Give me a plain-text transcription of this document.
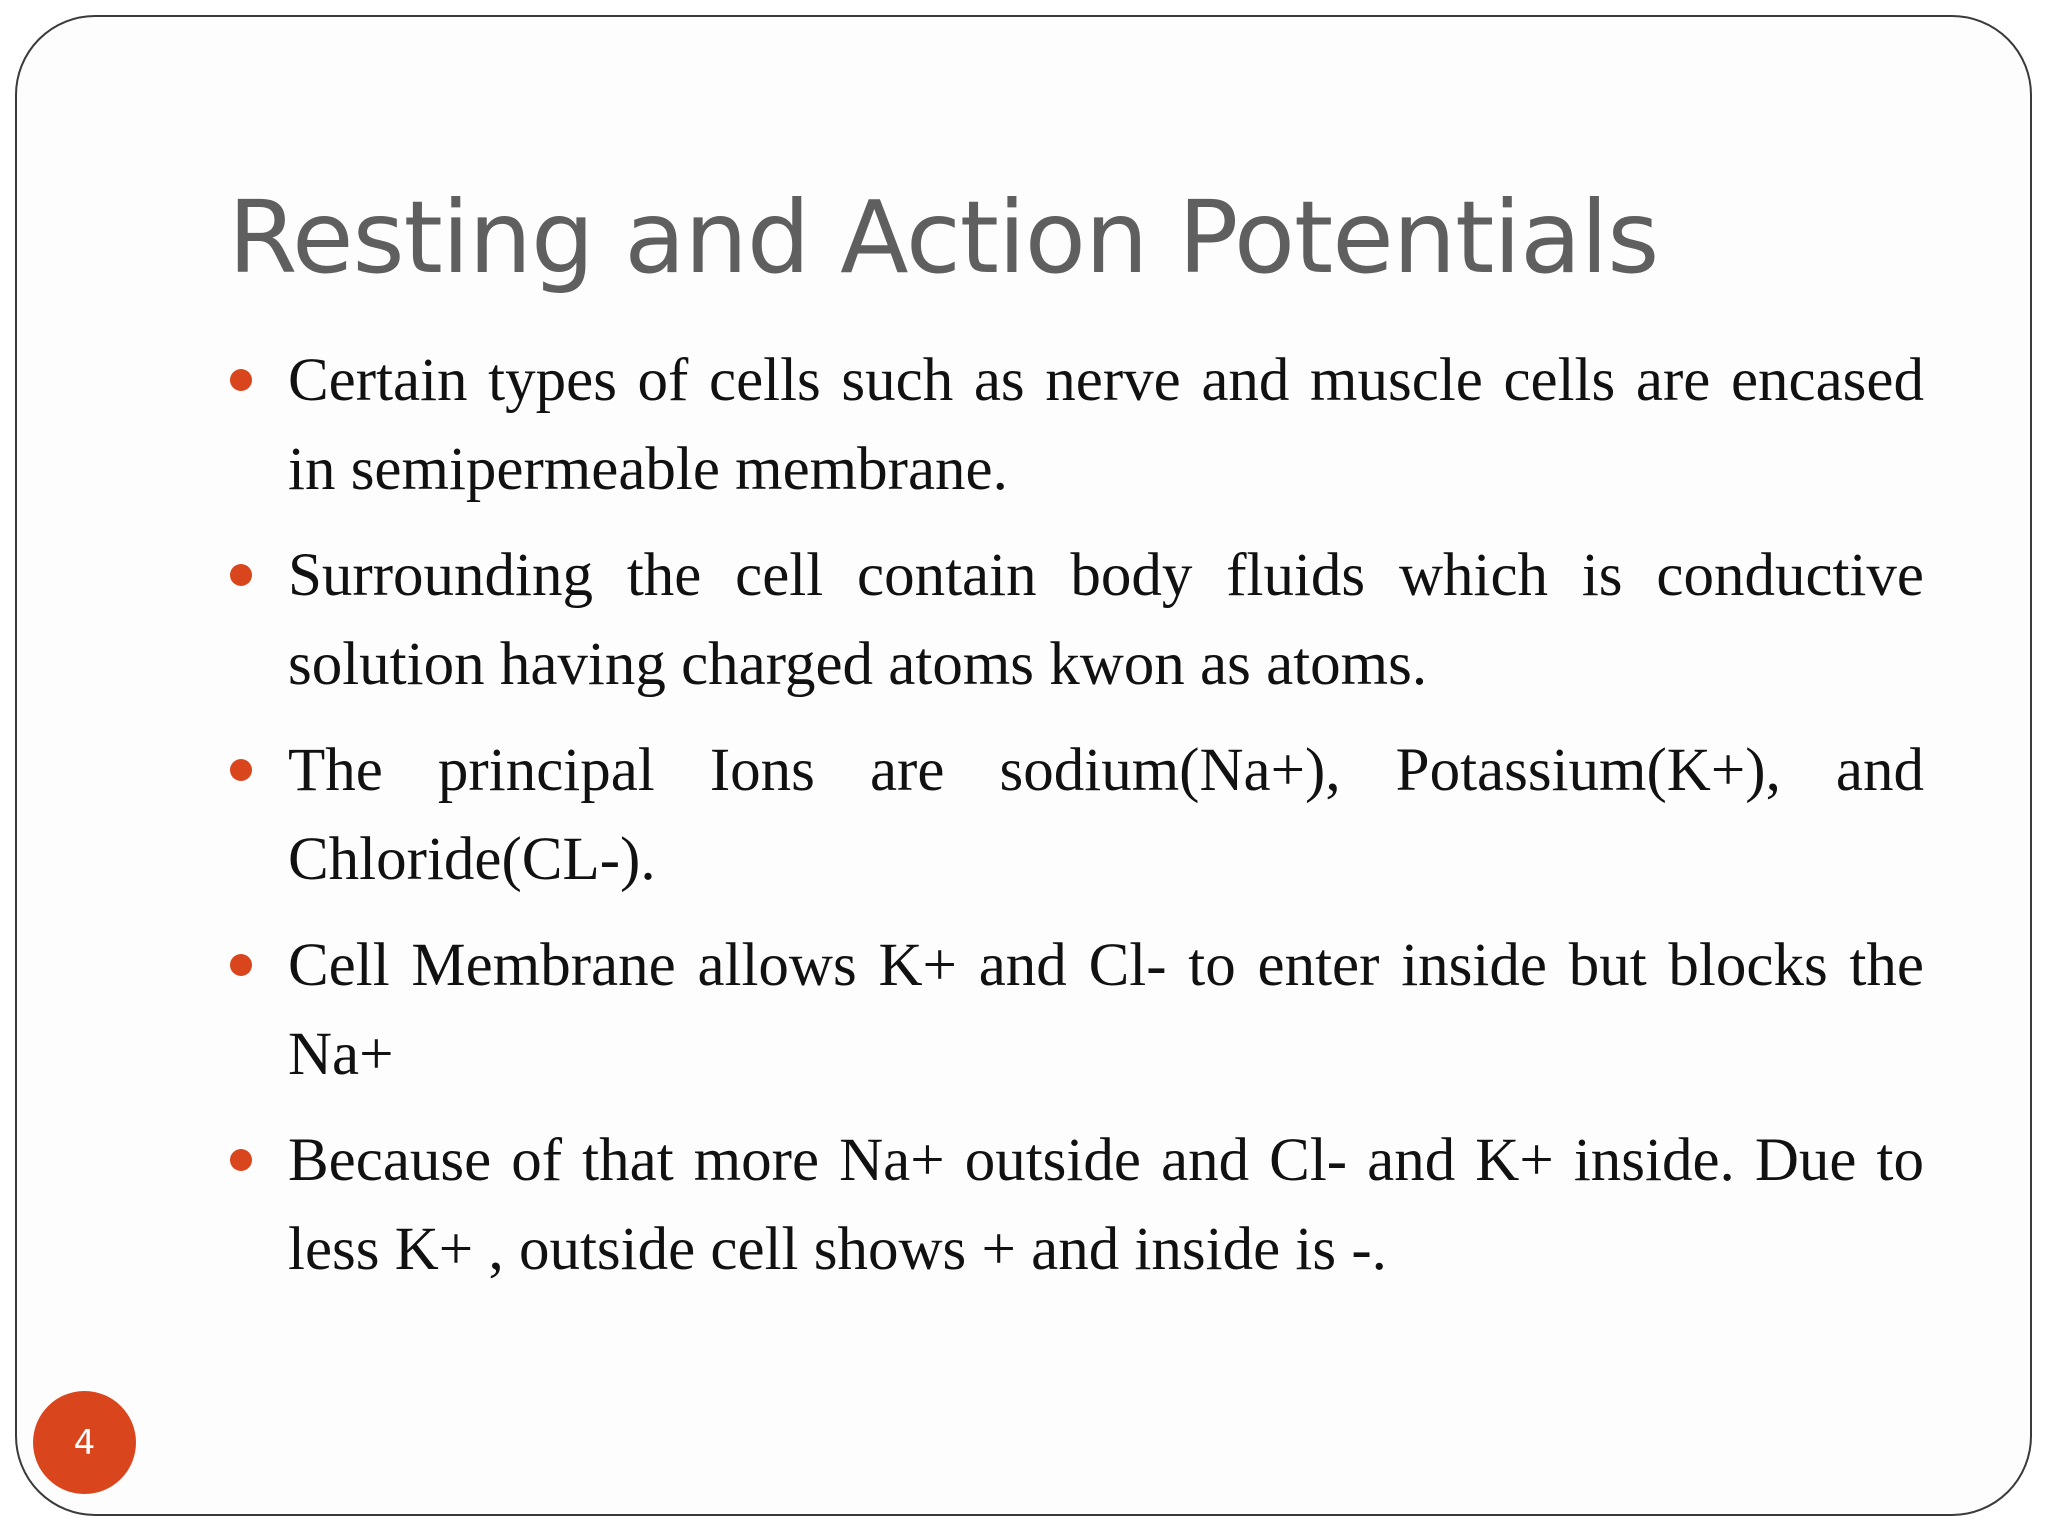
Resting and Action Potentials
Certain types of cells such as nerve and muscle cells are encased in semipermeable membrane.
Surrounding the cell contain body fluids which is conductive solution having charged atoms kwon as atoms.
The principal Ions are sodium(Na+), Potassium(K+), and Chloride(CL-).
Cell Membrane allows K+ and Cl- to enter inside but blocks the Na+
Because of that more Na+ outside and Cl- and K+ inside. Due to less K+ , outside cell shows + and inside is -.
4
